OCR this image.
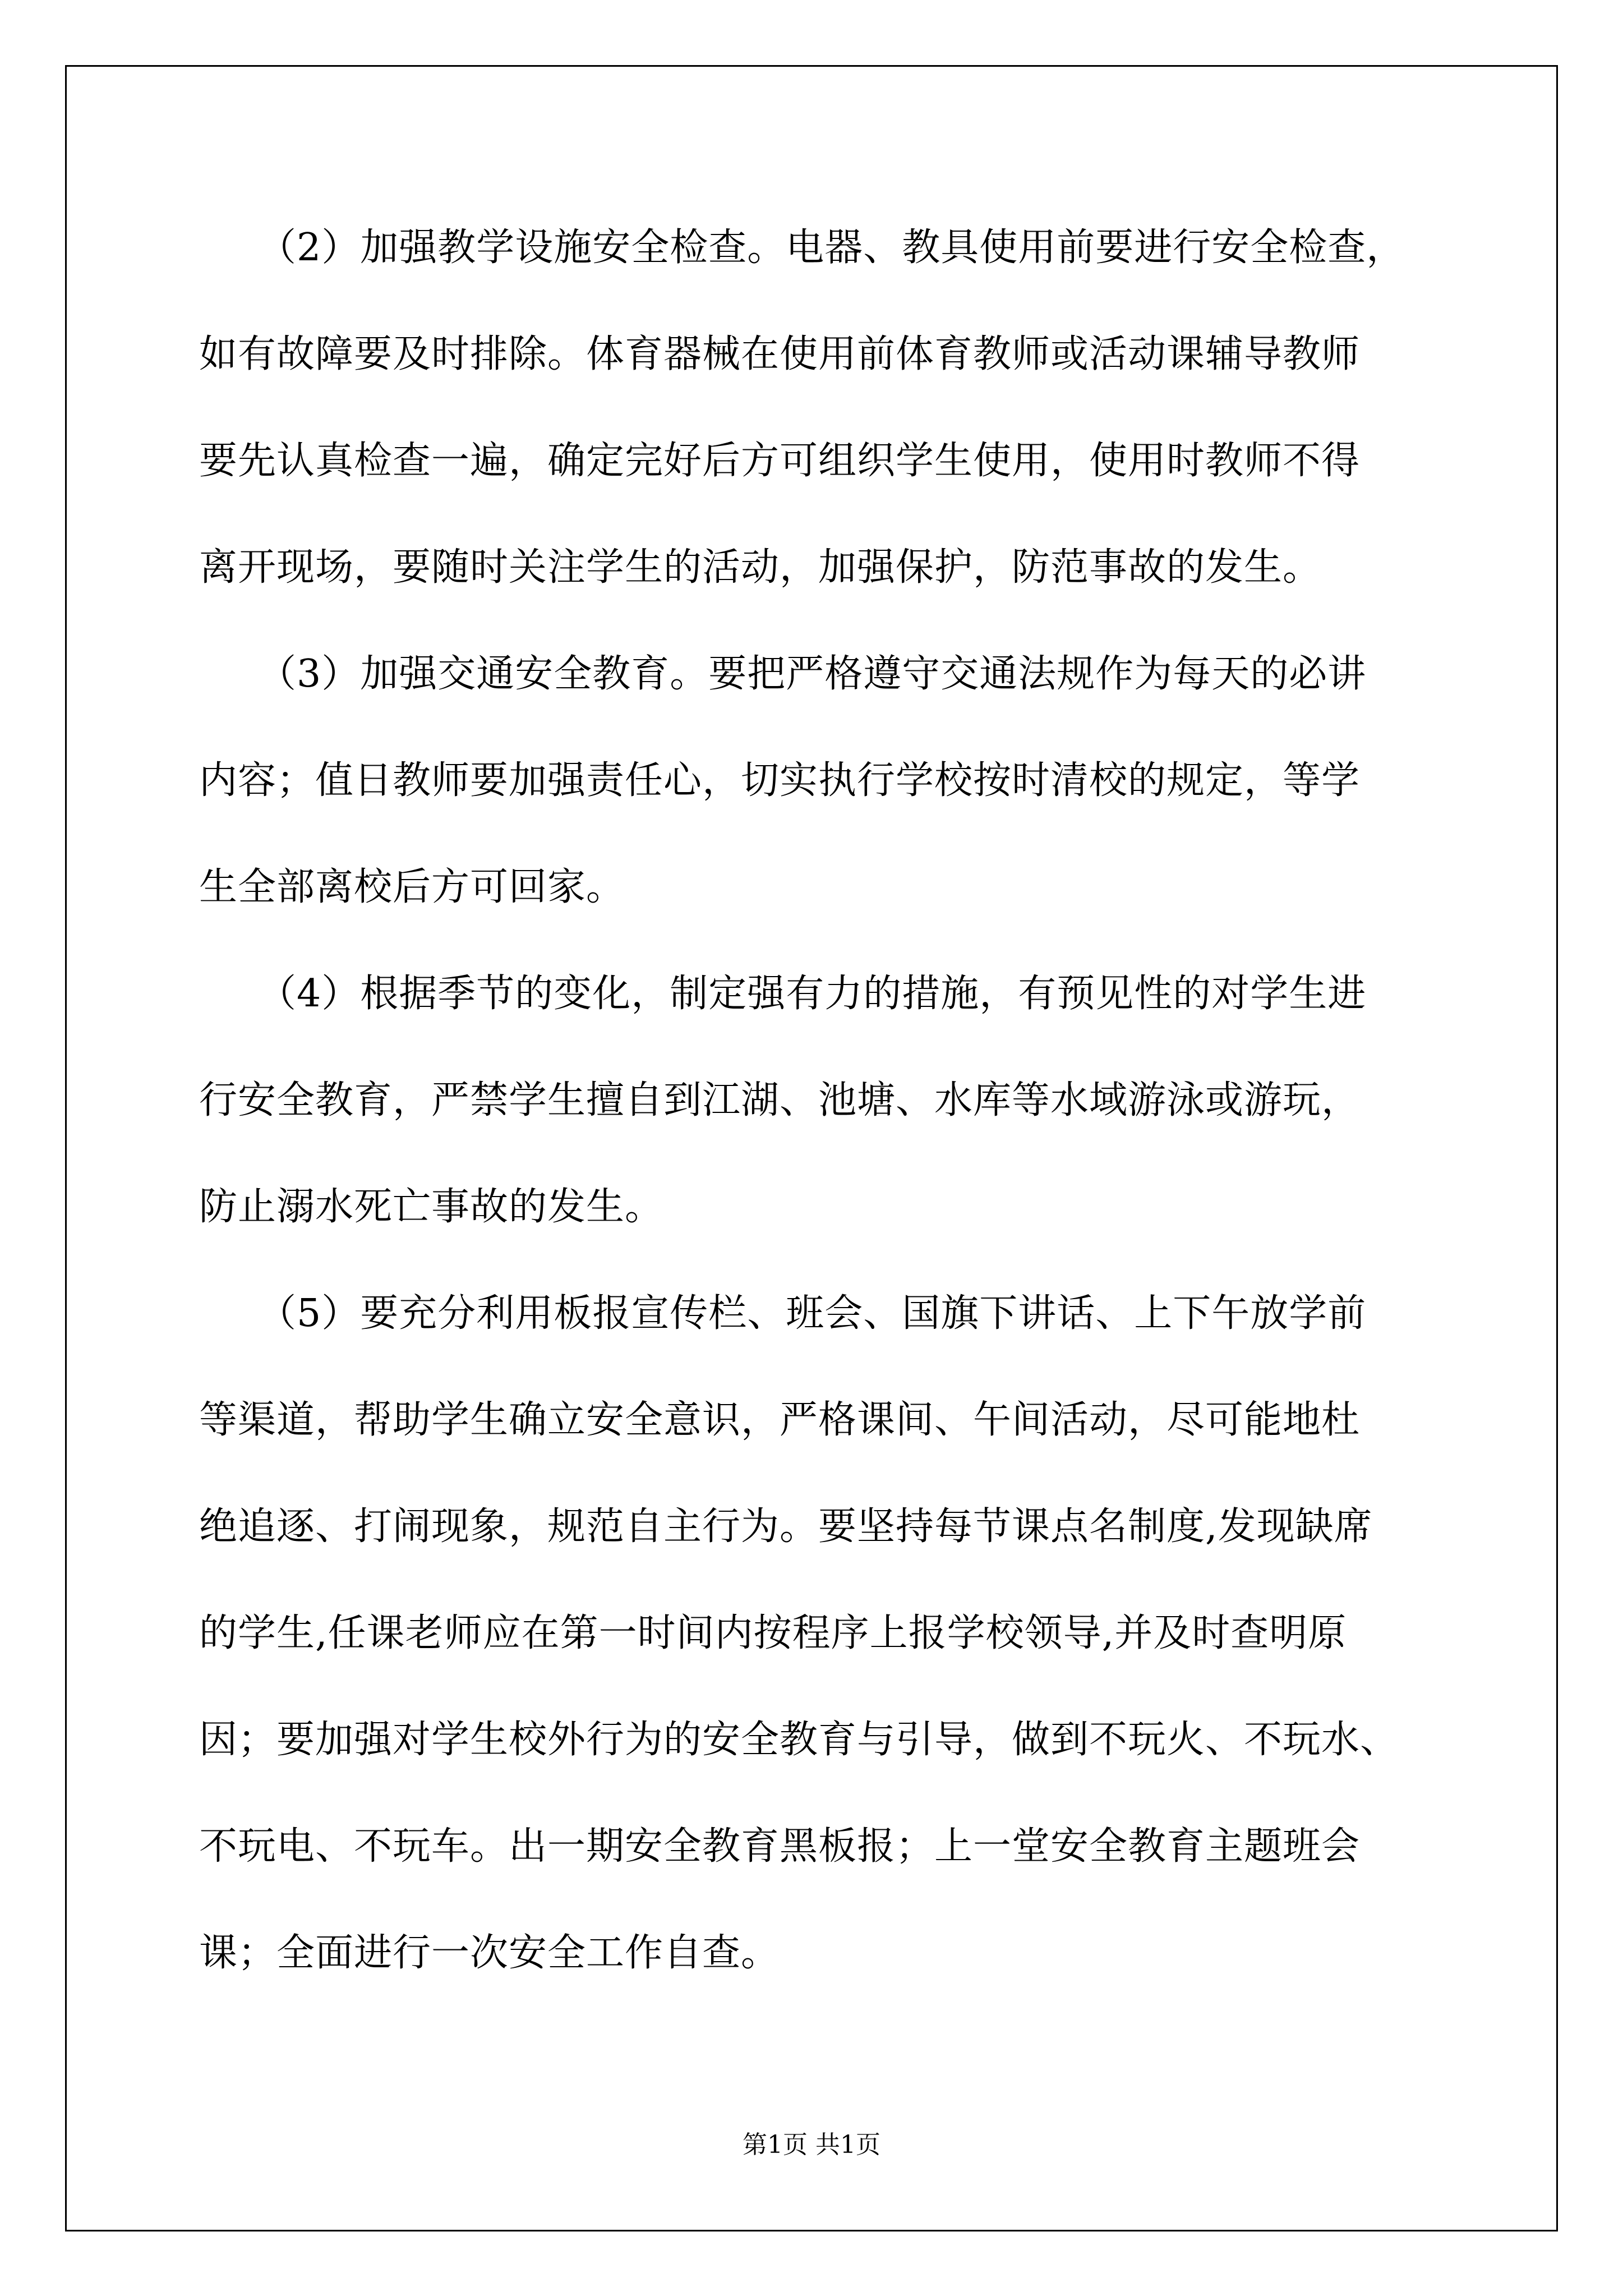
（2）加强教学设施安全检查。电器、教具使用前要进行安全检查，
如有故障要及时排除。体育器械在使用前体育教师或活动课辅导教师
要先认真检查一遍，确定完好后方可组织学生使用，使用时教师不得
离开现场，要随时关注学生的活动，加强保护，防范事故的发生。
（3）加强交通安全教育。要把严格遵守交通法规作为每天的必讲
内容；值日教师要加强责任心，切实执行学校按时清校的规定，等学
生全部离校后方可回家。
（4）根据季节的变化，制定强有力的措施，有预见性的对学生进
行安全教育，严禁学生擅自到江湖、池塘、水库等水域游泳或游玩，
防止溺水死亡事故的发生。
（5）要充分利用板报宣传栏、班会、国旗下讲话、上下午放学前
等渠道，帮助学生确立安全意识，严格课间、午间活动，尽可能地杜
绝追逐、打闹现象，规范自主行为。要坚持每节课点名制度,发现缺席
的学生,任课老师应在第一时间内按程序上报学校领导,并及时查明原
因；要加强对学生校外行为的安全教育与引导，做到不玩火、不玩水、
不玩电、不玩车。出一期安全教育黑板报；上一堂安全教育主题班会
课；全面进行一次安全工作自查。
第1页 共1页
